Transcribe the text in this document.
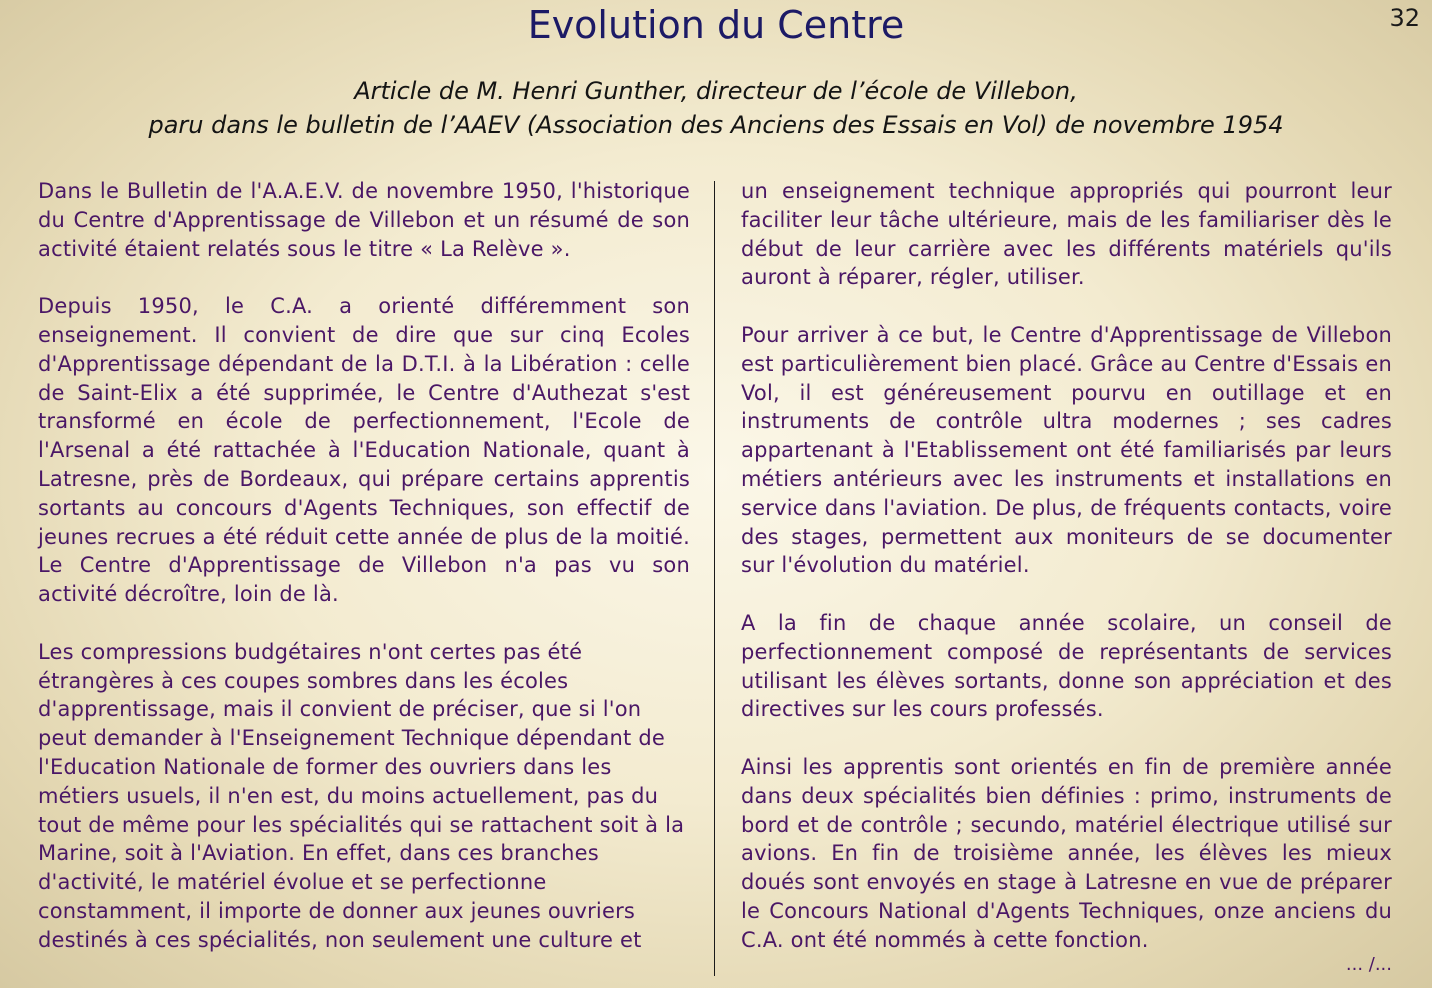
32
Evolution du Centre
Article de M. Henri Gunther, directeur de l’école de Villebon,
paru dans le bulletin de l’AAEV (Association des Anciens des Essais en Vol) de novembre 1954

Dans le Bulletin de l'A.A.E.V. de novembre 1950, l'historique du Centre d'Apprentissage de Villebon et un résumé de son activité étaient relatés sous le titre « La Relève ».

Depuis 1950, le C.A. a orienté différemment son enseignement. Il convient de dire que sur cinq Ecoles d'Apprentissage dépendant de la D.T.I. à la Libération : celle de Saint-Elix a été supprimée, le Centre d'Authezat s'est transformé en école de perfectionnement, l'Ecole de l'Arsenal a été rattachée à l'Education Nationale, quant à Latresne, près de Bordeaux, qui prépare certains apprentis sortants au concours d'Agents Techniques, son effectif de jeunes recrues a été réduit cette année de plus de la moitié. Le Centre d'Apprentissage de Villebon n'a pas vu son activité décroître, loin de là.

Les compressions budgétaires n'ont certes pas été étrangères à ces coupes sombres dans les écoles d'apprentissage, mais il convient de préciser, que si l'on peut demander à l'Enseignement Technique dépendant de l'Education Nationale de former des ouvriers dans les métiers usuels, il n'en est, du moins actuellement, pas du tout de même pour les spécialités qui se rattachent soit à la Marine, soit à l'Aviation. En effet, dans ces branches d'activité, le matériel évolue et se perfectionne constamment, il importe de donner aux jeunes ouvriers destinés à ces spécialités, non seulement une culture et

un enseignement technique appropriés qui pourront leur faciliter leur tâche ultérieure, mais de les familiariser dès le début de leur carrière avec les différents matériels qu'ils auront à réparer, régler, utiliser.

Pour arriver à ce but, le Centre d'Apprentissage de Villebon est particulièrement bien placé. Grâce au Centre d'Essais en Vol, il est généreusement pourvu en outillage et en instruments de contrôle ultra modernes ; ses cadres appartenant à l'Etablissement ont été familiarisés par leurs métiers antérieurs avec les instruments et installations en service dans l'aviation. De plus, de fréquents contacts, voire des stages, permettent aux moniteurs de se documenter sur l'évolution du matériel.

A la fin de chaque année scolaire, un conseil de perfectionnement composé de représentants de services utilisant les élèves sortants, donne son appréciation et des directives sur les cours professés.

Ainsi les apprentis sont orientés en fin de première année dans deux spécialités bien définies : primo, instruments de bord et de contrôle ; secundo, matériel électrique utilisé sur avions. En fin de troisième année, les élèves les mieux doués sont envoyés en stage à Latresne en vue de préparer le Concours National d'Agents Techniques, onze anciens du C.A. ont été nommés à cette fonction.

... /...
